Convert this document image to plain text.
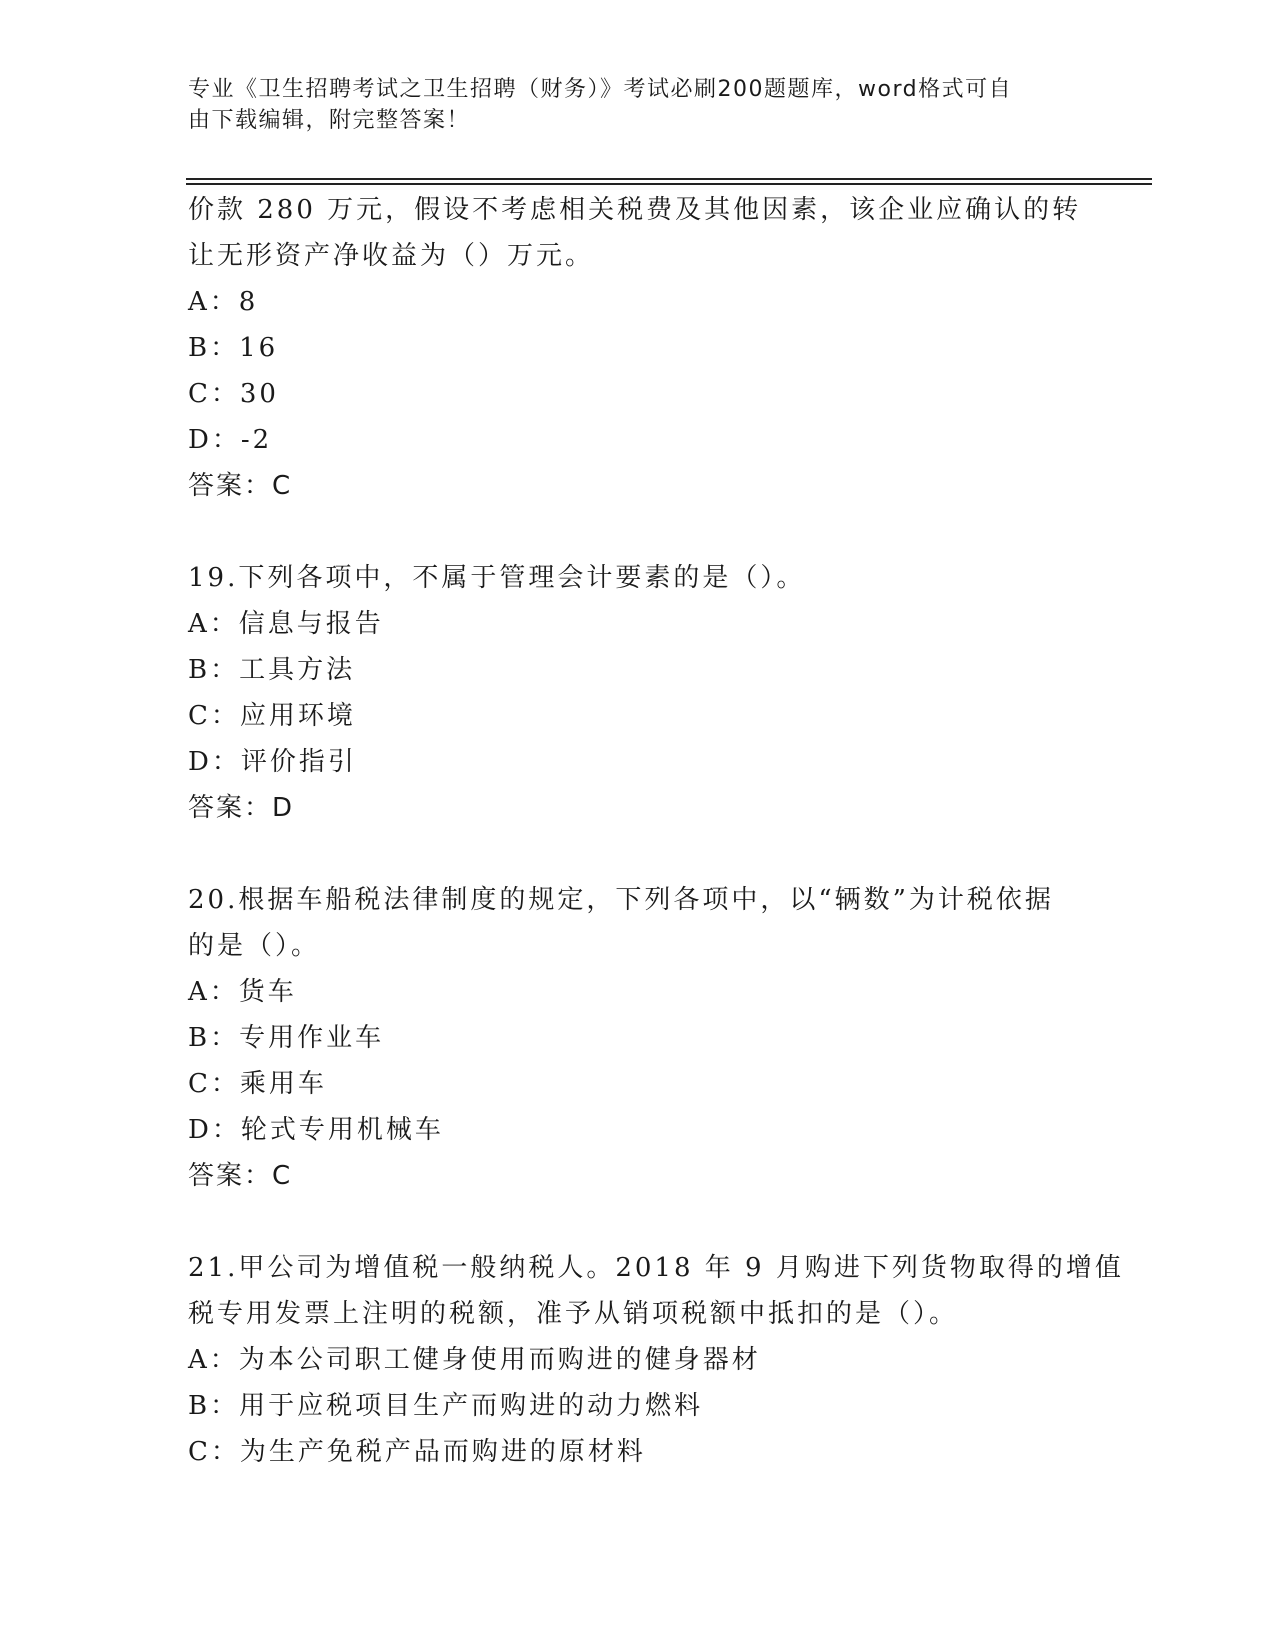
专业《卫生招聘考试之卫生招聘（财务）》考试必刷200题题库，word格式可自
由下载编辑，附完整答案！
价款 280 万元，假设不考虑相关税费及其他因素，该企业应确认的转
让无形资产净收益为（）万元。
A：8
B：16
C：30
D：-2
答案：C
19.下列各项中，不属于管理会计要素的是（）。
A：信息与报告
B：工具方法
C：应用环境
D：评价指引
答案：D
20.根据车船税法律制度的规定，下列各项中，以“辆数”为计税依据
的是（）。
A：货车
B：专用作业车
C：乘用车
D：轮式专用机械车
答案：C
21.甲公司为增值税一般纳税人。2018 年 9 月购进下列货物取得的增值
税专用发票上注明的税额，准予从销项税额中抵扣的是（）。
A：为本公司职工健身使用而购进的健身器材
B：用于应税项目生产而购进的动力燃料
C：为生产免税产品而购进的原材料
